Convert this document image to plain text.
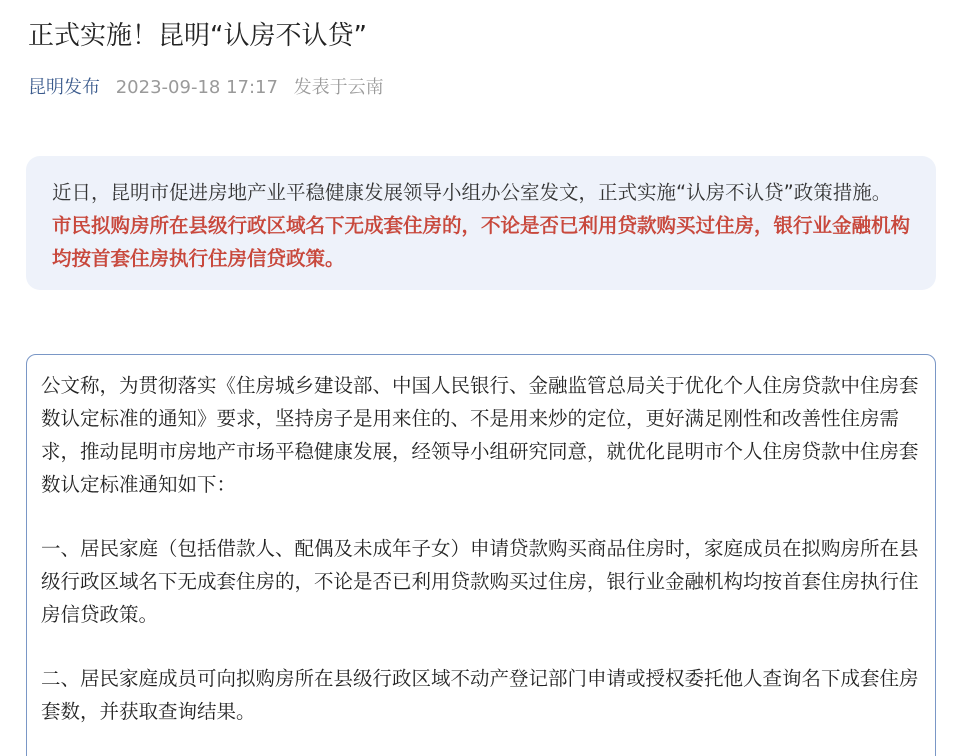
正式实施！昆明“认房不认贷”
昆明发布 2023-09-18 17:17 发表于云南

近日，昆明市促进房地产业平稳健康发展领导小组办公室发文，正式实施“认房不认贷”政策措施。市民拟购房所在县级行政区域名下无成套住房的，不论是否已利用贷款购买过住房，银行业金融机构均按首套住房执行住房信贷政策。

公文称，为贯彻落实《住房城乡建设部、中国人民银行、金融监管总局关于优化个人住房贷款中住房套数认定标准的通知》要求，坚持房子是用来住的、不是用来炒的定位，更好满足刚性和改善性住房需求，推动昆明市房地产市场平稳健康发展，经领导小组研究同意，就优化昆明市个人住房贷款中住房套数认定标准通知如下：

一、居民家庭（包括借款人、配偶及未成年子女）申请贷款购买商品住房时，家庭成员在拟购房所在县级行政区域名下无成套住房的，不论是否已利用贷款购买过住房，银行业金融机构均按首套住房执行住房信贷政策。

二、居民家庭成员可向拟购房所在县级行政区域不动产登记部门申请或授权委托他人查询名下成套住房套数，并获取查询结果。
